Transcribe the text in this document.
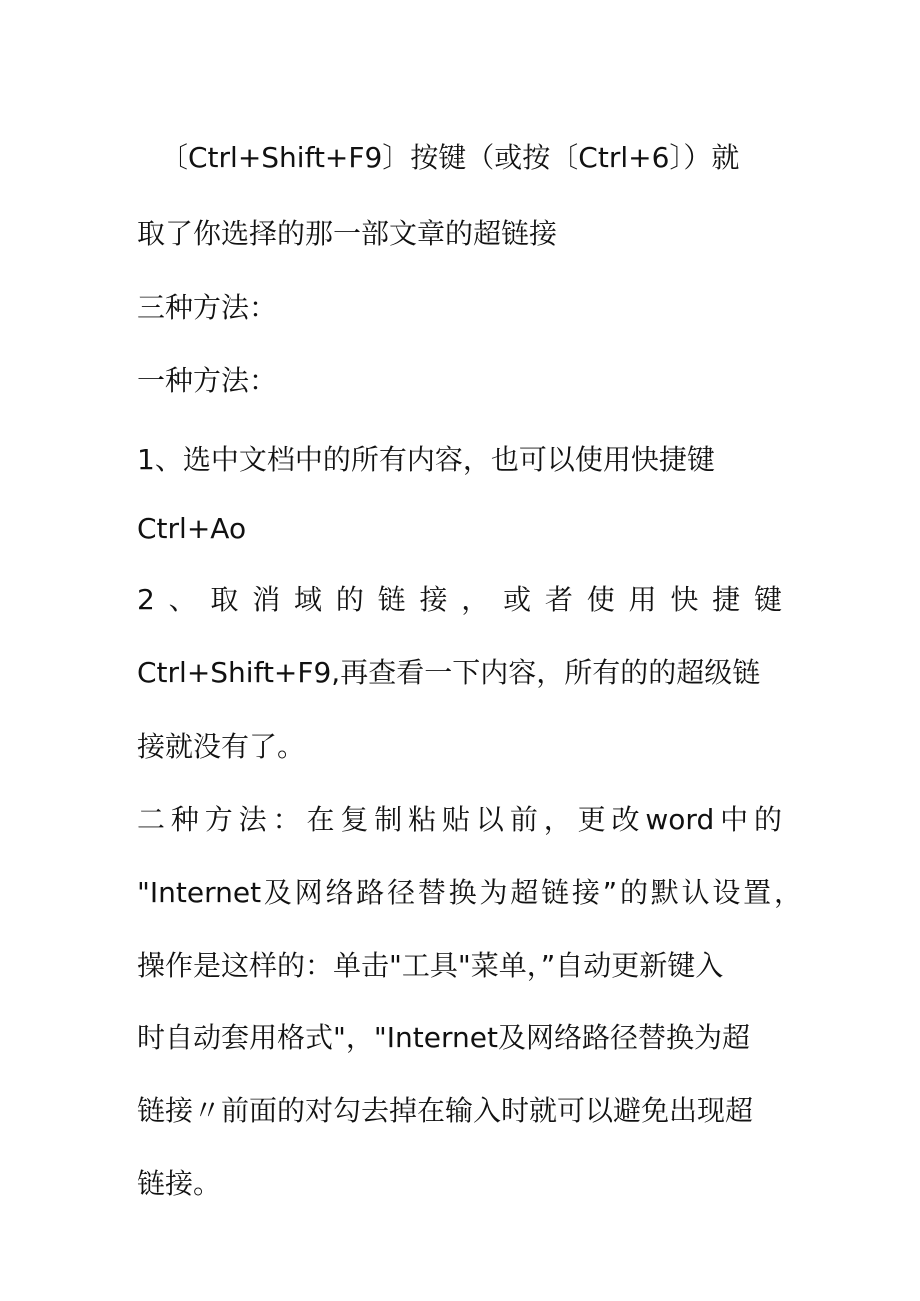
〔Ctrl+Shift+F9〕按键（或按〔Ctrl+6〕）就
取了你选择的那一部文章的超链接
三种方法：
一种方法：
1、选中文档中的所有内容，也可以使用快捷键
Ctrl+Ao
2、取消域的链接，或者使用快捷键
Ctrl+Shift+F9,再查看一下内容，所有的的超级链
接就没有了。
二种方法：在复制粘贴以前，更改word中的
"Internet及网络路径替换为超链接”的默认设置，
操作是这样的：单击"工具"菜单，”自动更新键入
时自动套用格式"，"Internet及网络路径替换为超
链接〃前面的对勾去掉在输入时就可以避免出现超
链接。
